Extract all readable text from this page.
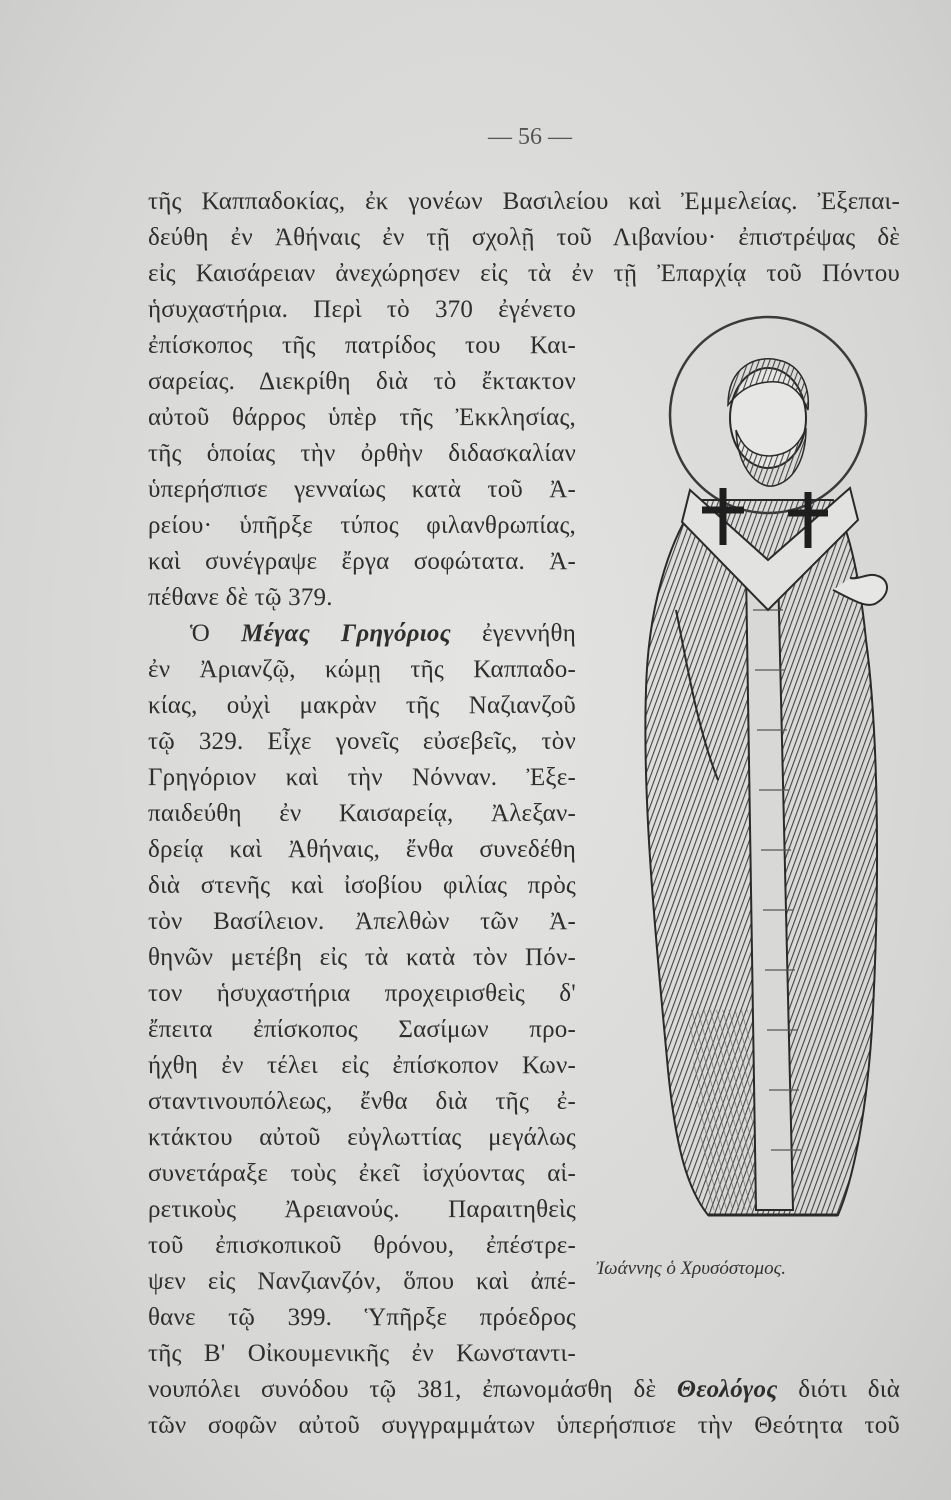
— 56 —
τῆς Καππαδοκίας, ἐκ γονέων Βασιλείου καὶ Ἐμμελείας. Ἐξεπαι-
δεύθη ἐν Ἀθήναις ἐν τῇ σχολῇ τοῦ Λιβανίου· ἐπιστρέψας δὲ
εἰς Καισάρειαν ἀνεχώρησεν εἰς τὰ ἐν τῇ Ἐπαρχίᾳ τοῦ Πόντου
ἡσυχαστήρια. Περὶ τὸ 370 ἐγένετο
ἐπίσκοπος τῆς πατρίδος του Και-
σαρείας. Διεκρίθη διὰ τὸ ἔκτακτον
αὐτοῦ θάρρος ὑπὲρ τῆς Ἐκκλησίας,
τῆς ὁποίας τὴν ὀρθὴν διδασκαλίαν
ὑπερήσπισε γενναίως κατὰ τοῦ Ἀ-
ρείου· ὑπῆρξε τύπος φιλανθρωπίας,
καὶ συνέγραψε ἔργα σοφώτατα. Ἀ-
πέθανε δὲ τῷ 379.
Ὁ Μέγας Γρηγόριος ἐγεννήθη
ἐν Ἀριανζῷ, κώμῃ τῆς Καππαδο-
κίας, οὐχὶ μακρὰν τῆς Ναζιανζοῦ
τῷ 329. Εἶχε γονεῖς εὐσεβεῖς, τὸν
Γρηγόριον καὶ τὴν Νόνναν. Ἐξε-
παιδεύθη ἐν Καισαρείᾳ, Ἀλεξαν-
δρείᾳ καὶ Ἀθήναις, ἔνθα συνεδέθη
διὰ στενῆς καὶ ἰσοβίου φιλίας πρὸς
τὸν Βασίλειον. Ἀπελθὼν τῶν Ἀ-
θηνῶν μετέβη εἰς τὰ κατὰ τὸν Πόν-
τον ἡσυχαστήρια προχειρισθεὶς δ'
ἔπειτα ἐπίσκοπος Σασίμων προ-
ήχθη ἐν τέλει εἰς ἐπίσκοπον Κων-
σταντινουπόλεως, ἔνθα διὰ τῆς ἐ-
κτάκτου αὐτοῦ εὐγλωττίας μεγάλως
συνετάραξε τοὺς ἐκεῖ ἰσχύοντας αἱ-
ρετικοὺς Ἀρειανούς. Παραιτηθεὶς
τοῦ ἐπισκοπικοῦ θρόνου, ἐπέστρε-
ψεν εἰς Νανζιανζόν, ὅπου καὶ ἀπέ-
θανε τῷ 399. Ὑπῆρξε πρόεδρος
τῆς Β' Οἰκουμενικῆς ἐν Κωνσταντι-
νουπόλει συνόδου τῷ 381, ἐπωνομάσθη δὲ Θεολόγος διότι διὰ
τῶν σοφῶν αὐτοῦ συγγραμμάτων ὑπερήσπισε τὴν Θεότητα τοῦ
Ἰωάννης ὁ Χρυσόστομος.
